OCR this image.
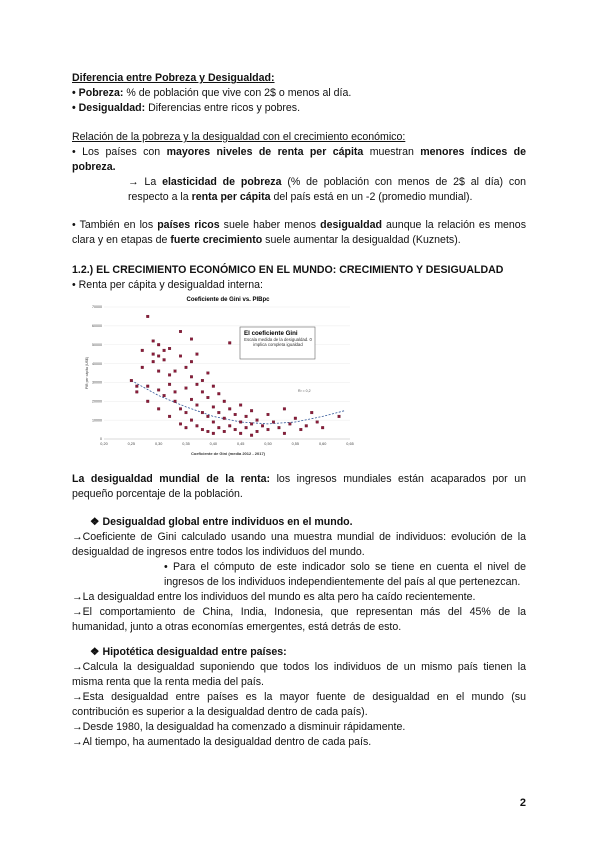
Diferencia entre Pobreza y Desigualdad:
• Pobreza: % de población que vive con 2$ o menos al día.
• Desigualdad: Diferencias entre ricos y pobres.
Relación de la pobreza y la desigualdad con el crecimiento económico:
• Los países con mayores niveles de renta per cápita muestran menores índices de pobreza.
→ La elasticidad de pobreza (% de población con menos de 2$ al día) con respecto a la renta per cápita del país está en un -2 (promedio mundial).
• También en los países ricos suele haber menos desigualdad aunque la relación es menos clara y en etapas de fuerte crecimiento suele aumentar la desigualdad (Kuznets).
1.2.) EL CRECIMIENTO ECONÓMICO EN EL MUNDO: CRECIMIENTO Y DESIGUALDAD
• Renta per cápita y desigualdad interna:
Coeficiente de Gini vs. PIBpc
PIB per cápita (US$)
Coeficiente de Gini (media 2012 - 2017)
0
10000
20000
30000
40000
50000
60000
70000
0,20	0,25	0,30	0,35	0,40	0,45	0,50	0,55	0,60	0,65
R² = 0,2
El coeficiente Gini
Escala medida de la desigualdad. 0 implica completa igualdad
La desigualdad mundial de la renta: los ingresos mundiales están acaparados por un pequeño porcentaje de la población.
❖ Desigualdad global entre individuos en el mundo.
→Coeficiente de Gini calculado usando una muestra mundial de individuos: evolución de la desigualdad de ingresos entre todos los individuos del mundo.
• Para el cómputo de este indicador solo se tiene en cuenta el nivel de ingresos de los individuos independientemente del país al que pertenezcan.
→La desigualdad entre los individuos del mundo es alta pero ha caído recientemente.
→El comportamiento de China, India, Indonesia, que representan más del 45% de la humanidad, junto a otras economías emergentes, está detrás de esto.
❖ Hipotética desigualdad entre países:
→Calcula la desigualdad suponiendo que todos los individuos de un mismo país tienen la misma renta que la renta media del país.
→Esta desigualdad entre países es la mayor fuente de desigualdad en el mundo (su contribución es superior a la desigualdad dentro de cada país).
→Desde 1980, la desigualdad ha comenzado a disminuir rápidamente.
→Al tiempo, ha aumentado la desigualdad dentro de cada país.
2
